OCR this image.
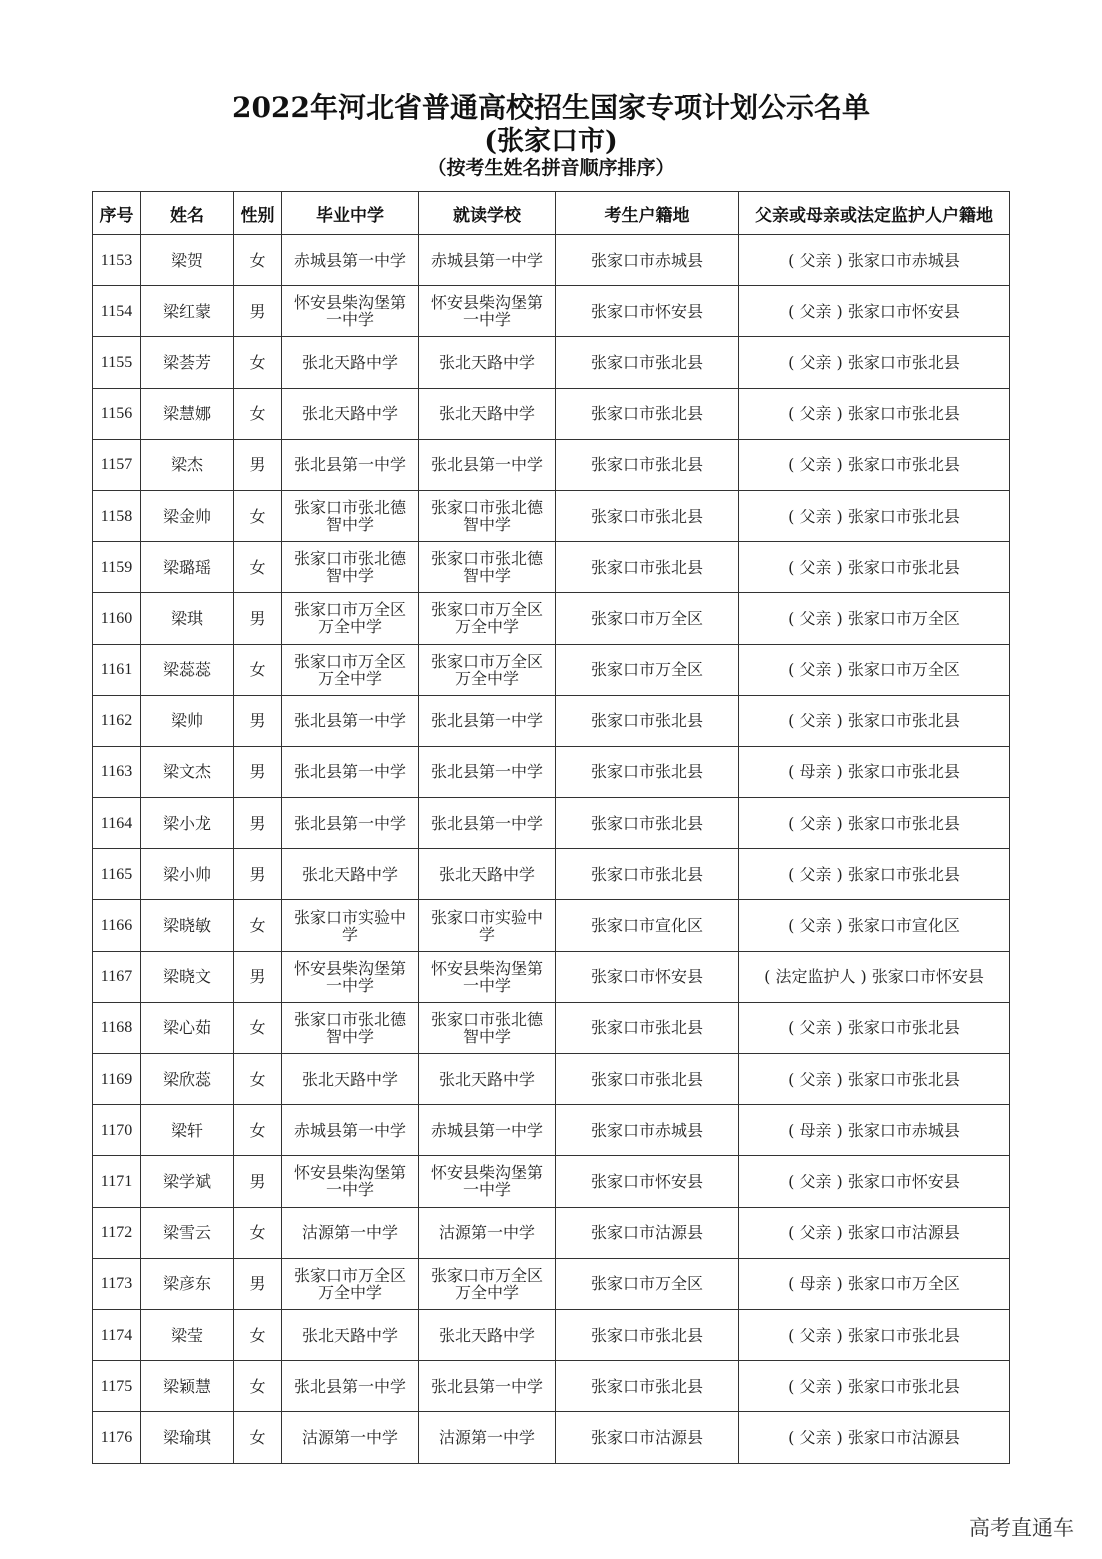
2022年河北省普通高校招生国家专项计划公示名单
(张家口市)
（按考生姓名拼音顺序排序）
序号	姓名	性别	毕业中学	就读学校	考生户籍地	父亲或母亲或法定监护人户籍地
1153	梁贺	女	赤城县第一中学	赤城县第一中学	张家口市赤城县	( 父亲 ) 张家口市赤城县
1154	梁红蒙	男	怀安县柴沟堡第一中学	怀安县柴沟堡第一中学	张家口市怀安县	( 父亲 ) 张家口市怀安县
1155	梁荟芳	女	张北天路中学	张北天路中学	张家口市张北县	( 父亲 ) 张家口市张北县
1156	梁慧娜	女	张北天路中学	张北天路中学	张家口市张北县	( 父亲 ) 张家口市张北县
1157	梁杰	男	张北县第一中学	张北县第一中学	张家口市张北县	( 父亲 ) 张家口市张北县
1158	梁金帅	女	张家口市张北德智中学	张家口市张北德智中学	张家口市张北县	( 父亲 ) 张家口市张北县
1159	梁璐瑶	女	张家口市张北德智中学	张家口市张北德智中学	张家口市张北县	( 父亲 ) 张家口市张北县
1160	梁琪	男	张家口市万全区万全中学	张家口市万全区万全中学	张家口市万全区	( 父亲 ) 张家口市万全区
1161	梁蕊蕊	女	张家口市万全区万全中学	张家口市万全区万全中学	张家口市万全区	( 父亲 ) 张家口市万全区
1162	梁帅	男	张北县第一中学	张北县第一中学	张家口市张北县	( 父亲 ) 张家口市张北县
1163	梁文杰	男	张北县第一中学	张北县第一中学	张家口市张北县	( 母亲 ) 张家口市张北县
1164	梁小龙	男	张北县第一中学	张北县第一中学	张家口市张北县	( 父亲 ) 张家口市张北县
1165	梁小帅	男	张北天路中学	张北天路中学	张家口市张北县	( 父亲 ) 张家口市张北县
1166	梁晓敏	女	张家口市实验中学	张家口市实验中学	张家口市宣化区	( 父亲 ) 张家口市宣化区
1167	梁晓文	男	怀安县柴沟堡第一中学	怀安县柴沟堡第一中学	张家口市怀安县	( 法定监护人 ) 张家口市怀安县
1168	梁心茹	女	张家口市张北德智中学	张家口市张北德智中学	张家口市张北县	( 父亲 ) 张家口市张北县
1169	梁欣蕊	女	张北天路中学	张北天路中学	张家口市张北县	( 父亲 ) 张家口市张北县
1170	梁轩	女	赤城县第一中学	赤城县第一中学	张家口市赤城县	( 母亲 ) 张家口市赤城县
1171	梁学斌	男	怀安县柴沟堡第一中学	怀安县柴沟堡第一中学	张家口市怀安县	( 父亲 ) 张家口市怀安县
1172	梁雪云	女	沽源第一中学	沽源第一中学	张家口市沽源县	( 父亲 ) 张家口市沽源县
1173	梁彦东	男	张家口市万全区万全中学	张家口市万全区万全中学	张家口市万全区	( 母亲 ) 张家口市万全区
1174	梁莹	女	张北天路中学	张北天路中学	张家口市张北县	( 父亲 ) 张家口市张北县
1175	梁颖慧	女	张北县第一中学	张北县第一中学	张家口市张北县	( 父亲 ) 张家口市张北县
1176	梁瑜琪	女	沽源第一中学	沽源第一中学	张家口市沽源县	( 父亲 ) 张家口市沽源县
高考直通车
